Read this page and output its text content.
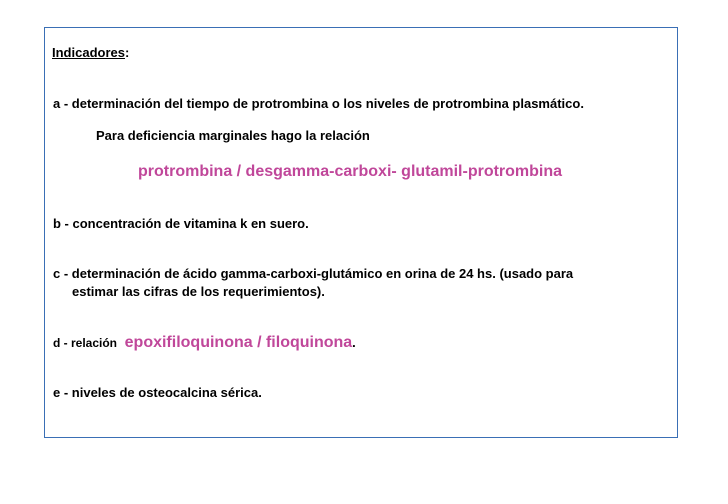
Indicadores:
a - determinación del tiempo de protrombina o los niveles de protrombina plasmático.
Para deficiencia marginales hago la relación
protrombina / desgamma-carboxi- glutamil-protrombina
b - concentración de vitamina k en suero.
c - determinación de ácido gamma-carboxi-glutámico en orina de 24 hs. (usado para
estimar las cifras de los requerimientos).
d - relación epoxifiloquinona / filoquinona.
e - niveles de osteocalcina sérica.
